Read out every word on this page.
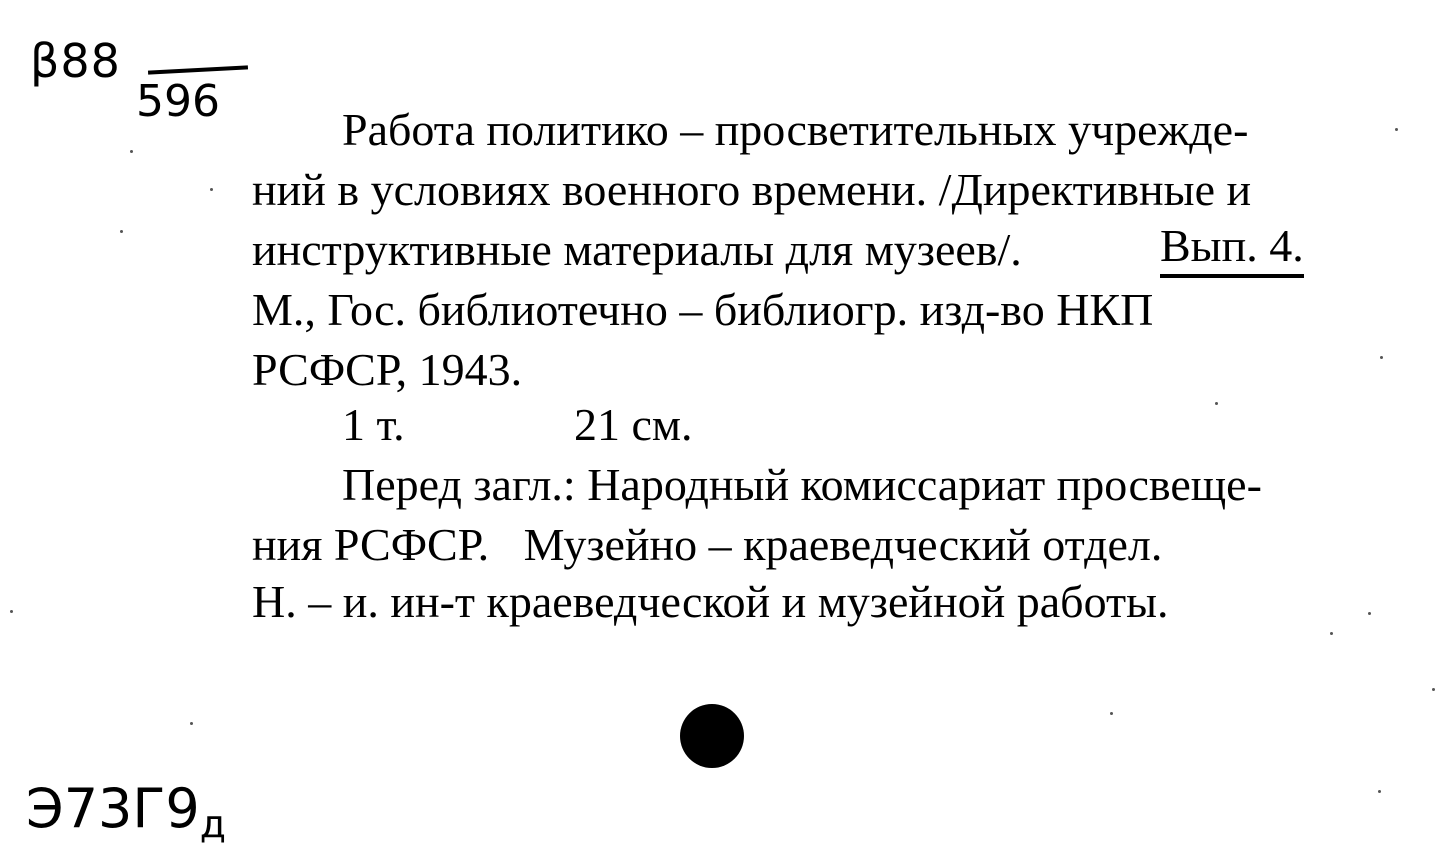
β88
596
Работа политико – просветительных учрежде-
ний в условиях военного времени. /Директивные и
инструктивные материалы для музеев/.	Вып. 4.
М., Гос. библиотечно – библиогр. изд-во НКП
РСФСР, 1943.
1 т.	21 см.
Перед загл.: Народный комиссариат просвеще-
ния РСФСР.   Музейно – краеведческий отдел.
Н. – и. ин-т краеведческой и музейной работы.
Э73Г9д
